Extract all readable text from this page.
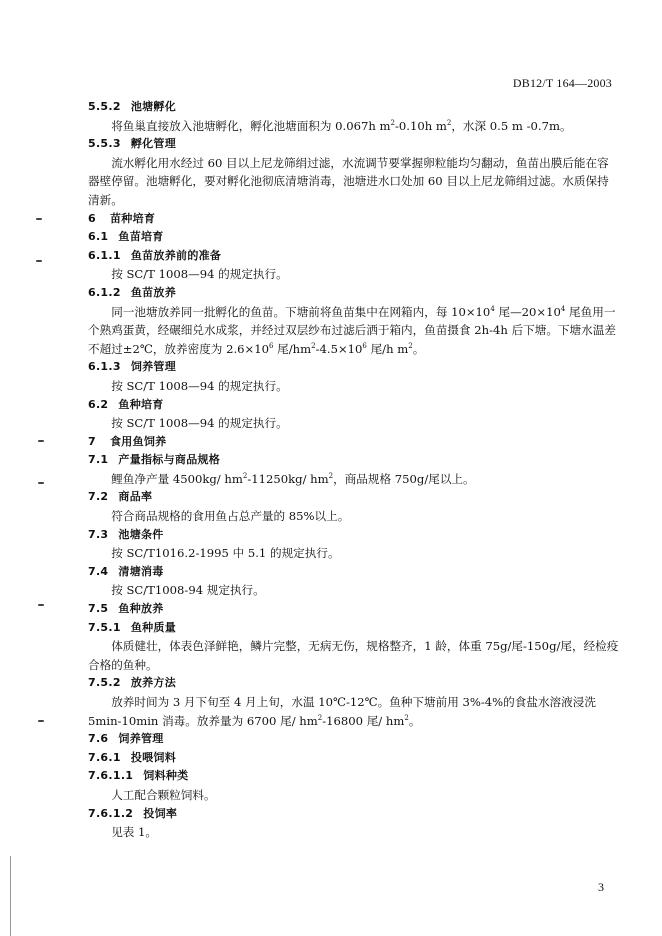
DB12/T 164—2003
5.5.2 池塘孵化
将鱼巢直接放入池塘孵化，孵化池塘面积为 0.067h $m^2-0.10h$ $m^2$，水深 0.5 m -0.7m。
5.5.3 孵化管理
流水孵化用水经过 60 目以上尼龙筛绢过滤，水流调节要掌握卵粒能均匀翻动，鱼苗出膜后能在容
器壁停留。池塘孵化，要对孵化池彻底清塘消毒，池塘进水口处加 60 目以上尼龙筛绢过滤。水质保持
清新。
6 苗种培育
6.1 鱼苗培育
6.1.1 鱼苗放养前的准备
按 SC/T 1008—94 的规定执行。
6.1.2 鱼苗放养
同一池塘放养同一批孵化的鱼苗。下塘前将鱼苗集中在网箱内，每 $10\times 10^4$ 尾$—20\times 10^4$ 尾鱼用一
个熟鸡蛋黄，经碾细兑水成浆，并经过双层纱布过滤后洒于箱内，鱼苗摄食 2h-4h 后下塘。下塘水温差
不超过±2℃，放养密度为 $2.6\times 10^6$ 尾$/hm^2-4.5\times 10^6$ 尾/h $m^2$。
6.1.3 饲养管理
按 SC/T 1008—94 的规定执行。
6.2 鱼种培育
按 SC/T 1008—94 的规定执行。
7 食用鱼饲养
7.1 产量指标与商品规格
鲤鱼净产量 4500kg/ $hm^2-11250kg/$ $hm^2$，商品规格 750g/尾以上。
7.2 商品率
符合商品规格的食用鱼占总产量的 85%以上。
7.3 池塘条件
按 SC/T1016.2-1995 中 5.1 的规定执行。
7.4 清塘消毒
按 SC/T1008-94 规定执行。
7.5 鱼种放养
7.5.1 鱼种质量
体质健壮，体表色泽鲜艳，鳞片完整，无病无伤，规格整齐，1 龄，体重 75g/尾-150g/尾，经检疫
合格的鱼种。
7.5.2 放养方法
放养时间为 3 月下旬至 4 月上旬，水温 10℃-12℃。鱼种下塘前用 3%-4%的食盐水溶液浸洗
5min-10min 消毒。放养量为 6700 尾/ $hm^2-16800$ 尾/ $hm^2$。
7.6 饲养管理
7.6.1 投喂饲料
7.6.1.1 饲料种类
人工配合颗粒饲料。
7.6.1.2 投饲率
见表 1。
3
